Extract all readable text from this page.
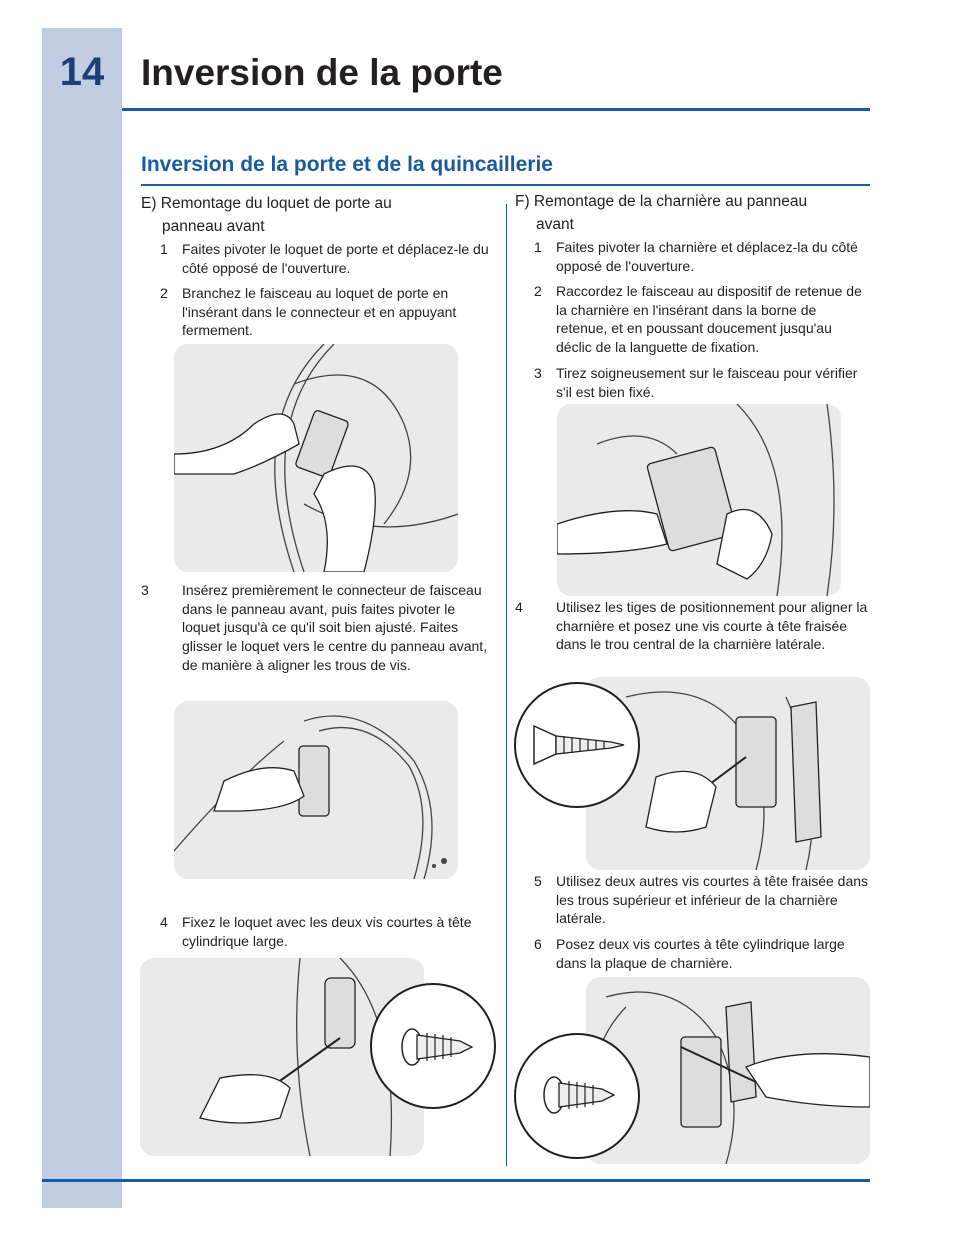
14 Inversion de la porte
Inversion de la porte et de la quincaillerie
E) Remontage du loquet de porte au
panneau avant
1	Faites pivoter le loquet de porte et déplacez-le du côté opposé de l'ouverture.
2	Branchez le faisceau au loquet de porte en l'insérant dans le connecteur et en appuyant fermement.
3	Insérez premièrement le connecteur de faisceau dans le panneau avant, puis faites pivoter le loquet jusqu'à ce qu'il soit bien ajusté. Faites glisser le loquet vers le centre du panneau avant, de manière à aligner les trous de vis.
4	Fixez le loquet avec les deux vis courtes à tête cylindrique large.
F) Remontage de la charnière au panneau
avant
1	Faites pivoter la charnière et déplacez-la du côté opposé de l'ouverture.
2	Raccordez le faisceau au dispositif de retenue de la charnière en l'insérant dans la borne de retenue, et en poussant doucement jusqu'au déclic de la languette de fixation.
3	Tirez soigneusement sur le faisceau pour vérifier s'il est bien fixé.
4	Utilisez les tiges de positionnement pour aligner la charnière et posez une vis courte à tête fraisée dans le trou central de la charnière latérale.
5	Utilisez deux autres vis courtes à tête fraisée dans les trous supérieur et inférieur de la charnière latérale.
6	Posez deux vis courtes à tête cylindrique large dans la plaque de charnière.
